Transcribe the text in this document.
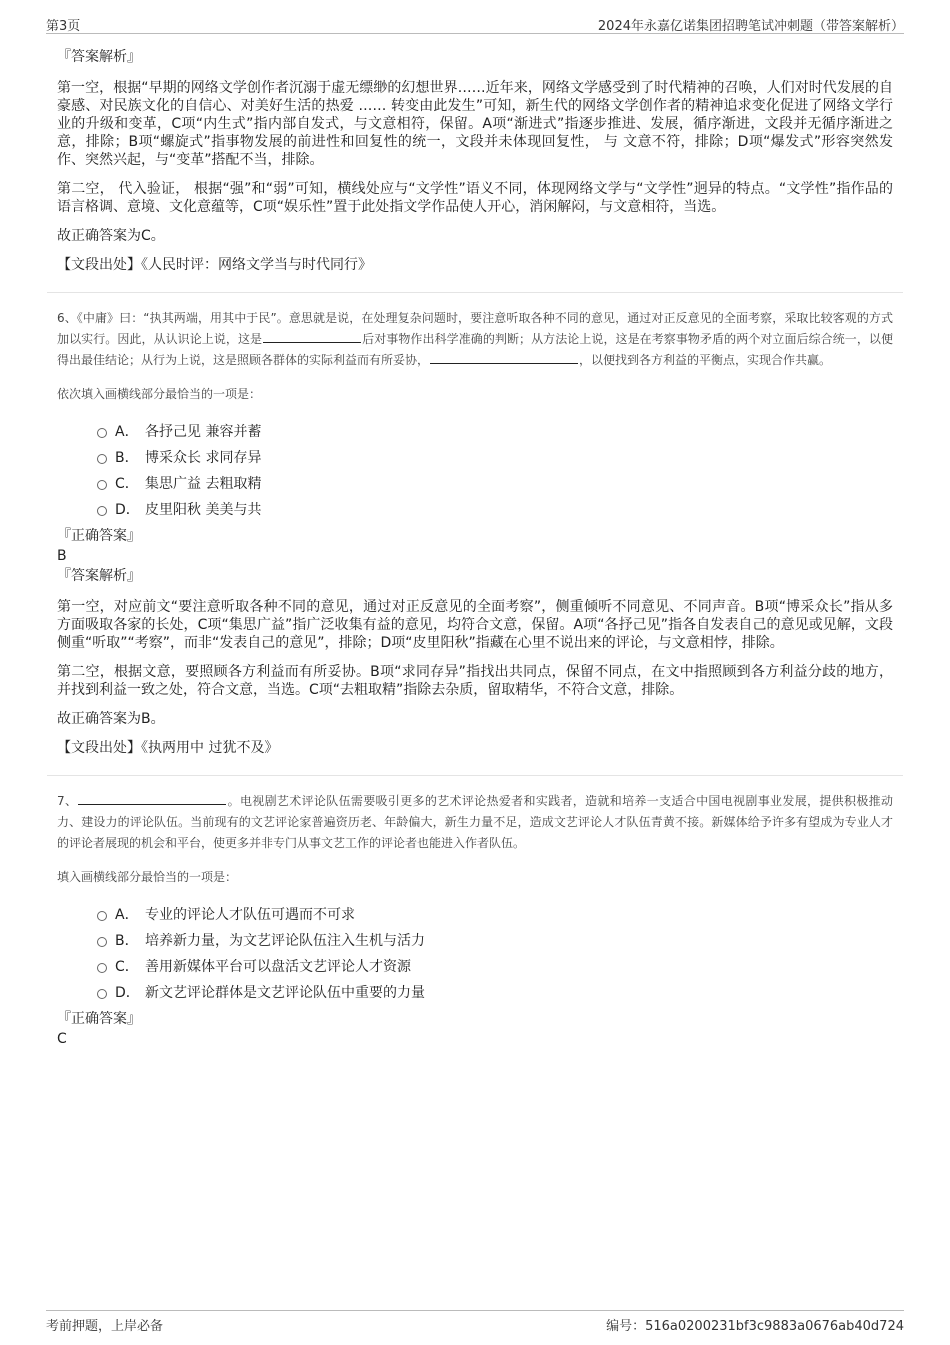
第3页	2024年永嘉亿诺集团招聘笔试冲刺题（带答案解析）

『答案解析』

第一空，根据“早期的网络文学创作者沉溺于虚无缥缈的幻想世界……近年来，网络文学感受到了时代精神的召唤，人们对时代发展的自豪感、对民族文化的自信心、对美好生活的热爱 …… 转变由此发生”可知，新生代的网络文学创作者的精神追求变化促进了网络文学行业的升级和变革，C项“内生式”指内部自发式，与文意相符，保留。A项“渐进式”指逐步推进、发展，循序渐进，文段并无循序渐进之意，排除；B项“螺旋式”指事物发展的前进性和回复性的统一，文段并未体现回复性， 与 文意不符，排除；D项“爆发式”形容突然发作、突然兴起，与“变革”搭配不当，排除。

第二空， 代入验证， 根据“强”和“弱”可知，横线处应与“文学性”语义不同，体现网络文学与“文学性”迥异的特点。“文学性”指作品的语言格调、意境、文化意蕴等，C项“娱乐性”置于此处指文学作品使人开心，消闲解闷，与文意相符，当选。

故正确答案为C。

【文段出处】《人民时评：网络文学当与时代同行》

6、《中庸》曰：“执其两端，用其中于民”。意思就是说，在处理复杂问题时，要注意听取各种不同的意见，通过对正反意见的全面考察，采取比较客观的方式加以实行。因此，从认识论上说，这是	后对事物作出科学准确的判断；从方法论上说，这是在考察事物矛盾的两个对立面后综合统一，以便得出最佳结论；从行为上说，这是照顾各群体的实际利益而有所妥协，	，以便找到各方利益的平衡点，实现合作共赢。

依次填入画横线部分最恰当的一项是：

A． 各抒己见 兼容并蓄
B． 博采众长 求同存异
C． 集思广益 去粗取精
D． 皮里阳秋 美美与共

『正确答案』

B

『答案解析』

第一空，对应前文“要注意听取各种不同的意见，通过对正反意见的全面考察”，侧重倾听不同意见、不同声音。B项“博采众长”指从多方面吸取各家的长处，C项“集思广益”指广泛收集有益的意见，均符合文意，保留。A项“各抒己见”指各自发表自己的意见或见解，文段侧重“听取”“考察”，而非“发表自己的意见”，排除；D项“皮里阳秋”指藏在心里不说出来的评论，与文意相悖，排除。

第二空，根据文意，要照顾各方利益而有所妥协。B项“求同存异”指找出共同点，保留不同点，在文中指照顾到各方利益分歧的地方，并找到利益一致之处，符合文意，当选。C项“去粗取精”指除去杂质，留取精华，不符合文意，排除。

故正确答案为B。

【文段出处】《执两用中 过犹不及》

7、	。电视剧艺术评论队伍需要吸引更多的艺术评论热爱者和实践者，造就和培养一支适合中国电视剧事业发展，提供积极推动力、建设力的评论队伍。当前现有的文艺评论家普遍资历老、年龄偏大，新生力量不足，造成文艺评论人才队伍青黄不接。新媒体给予许多有望成为专业人才的评论者展现的机会和平台，使更多并非专门从事文艺工作的评论者也能进入作者队伍。

填入画横线部分最恰当的一项是：

A． 专业的评论人才队伍可遇而不可求
B． 培养新力量，为文艺评论队伍注入生机与活力
C． 善用新媒体平台可以盘活文艺评论人才资源
D． 新文艺评论群体是文艺评论队伍中重要的力量

『正确答案』

C

考前押题，上岸必备	编号：516a0200231bf3c9883a0676ab40d724
